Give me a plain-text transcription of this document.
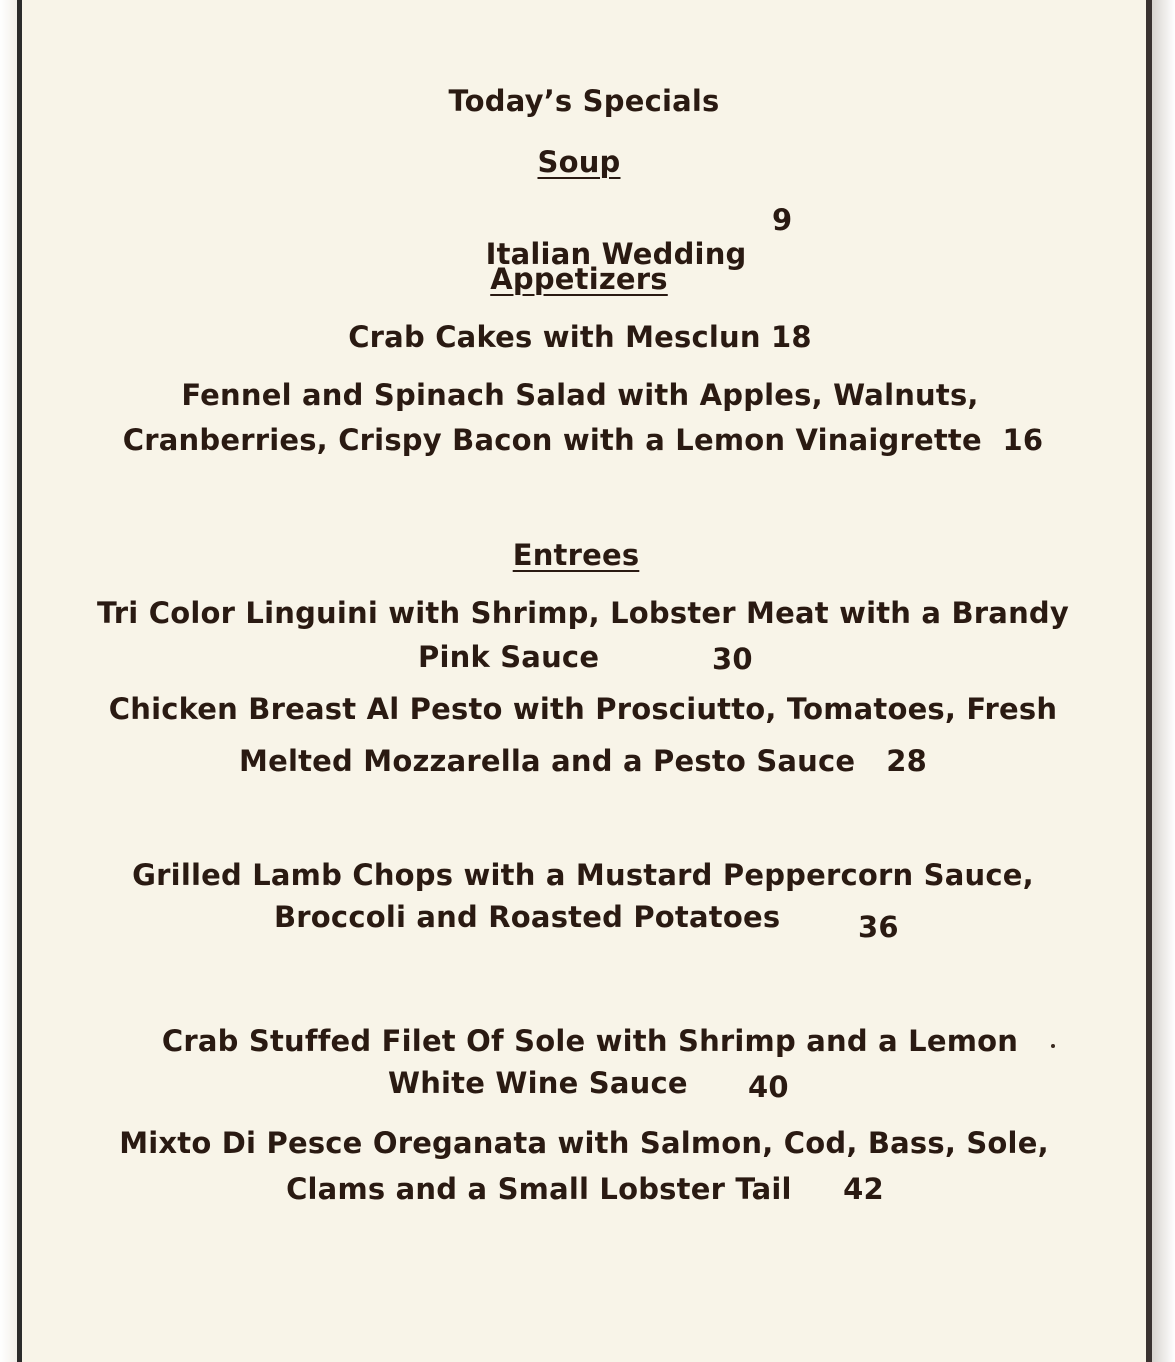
Today’s Specials
Soup

Italian Wedding

9
Appetizers
Crab Cakes with Mesclun 18
Fennel and Spinach Salad with Apples, Walnuts,
Cranberries, Crispy Bacon with a Lemon Vinaigrette 16
Entrees
Tri Color Linguini with Shrimp, Lobster Meat with a Brandy
Pink Sauce	30
Chicken Breast Al Pesto with Prosciutto, Tomatoes, Fresh
Melted Mozzarella and a Pesto Sauce 28
Grilled Lamb Chops with a Mustard Peppercorn Sauce,
Broccoli and Roasted Potatoes	36
Crab Stuffed Filet Of Sole with Shrimp and a Lemon
White Wine Sauce 40
Mixto Di Pesce Oreganata with Salmon, Cod, Bass, Sole,
Clams and a Small Lobster Tail 42
